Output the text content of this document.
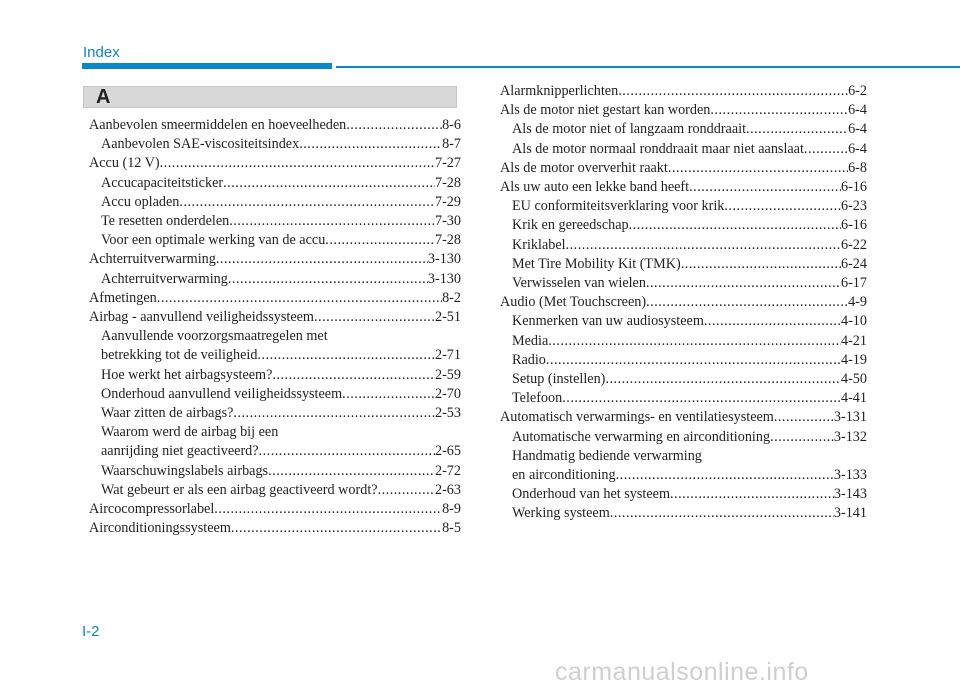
Index
A
Aanbevolen smeermiddelen en hoeveelheden .....	8-6
Aanbevolen SAE-viscositeitsindex .....	8-7
Accu (12 V) .....	7-27
Accucapaciteitsticker .....	7-28
Accu opladen .....	7-29
Te resetten onderdelen .....	7-30
Voor een optimale werking van de accu .....	7-28
Achterruitverwarming .....	3-130
Achterruitverwarming .....	3-130
Afmetingen .....	8-2
Airbag - aanvullend veiligheidssysteem .....	2-51
Aanvullende voorzorgsmaatregelen met
betrekking tot de veiligheid .....	2-71
Hoe werkt het airbagsysteem? .....	2-59
Onderhoud aanvullend veiligheidssysteem .....	2-70
Waar zitten de airbags? .....	2-53
Waarom werd de airbag bij een
aanrijding niet geactiveerd? .....	2-65
Waarschuwingslabels airbags .....	2-72
Wat gebeurt er als een airbag geactiveerd wordt? .....	2-63
Aircocompressorlabel .....	8-9
Airconditioningssysteem .....	8-5
Alarmknipperlichten .....	6-2
Als de motor niet gestart kan worden .....	6-4
Als de motor niet of langzaam ronddraait .....	6-4
Als de motor normaal ronddraait maar niet aanslaat .....	6-4
Als de motor oververhit raakt .....	6-8
Als uw auto een lekke band heeft .....	6-16
EU conformiteitsverklaring voor krik .....	6-23
Krik en gereedschap .....	6-16
Kriklabel .....	6-22
Met Tire Mobility Kit (TMK) .....	6-24
Verwisselen van wielen .....	6-17
Audio (Met Touchscreen) .....	4-9
Kenmerken van uw audiosysteem .....	4-10
Media .....	4-21
Radio .....	4-19
Setup (instellen) .....	4-50
Telefoon .....	4-41
Automatisch verwarmings- en ventilatiesysteem .....	3-131
Automatische verwarming en airconditioning .....	3-132
Handmatig bediende verwarming
en airconditioning .....	3-133
Onderhoud van het systeem .....	3-143
Werking systeem .....	3-141
I-2
carmanualsonline.info
